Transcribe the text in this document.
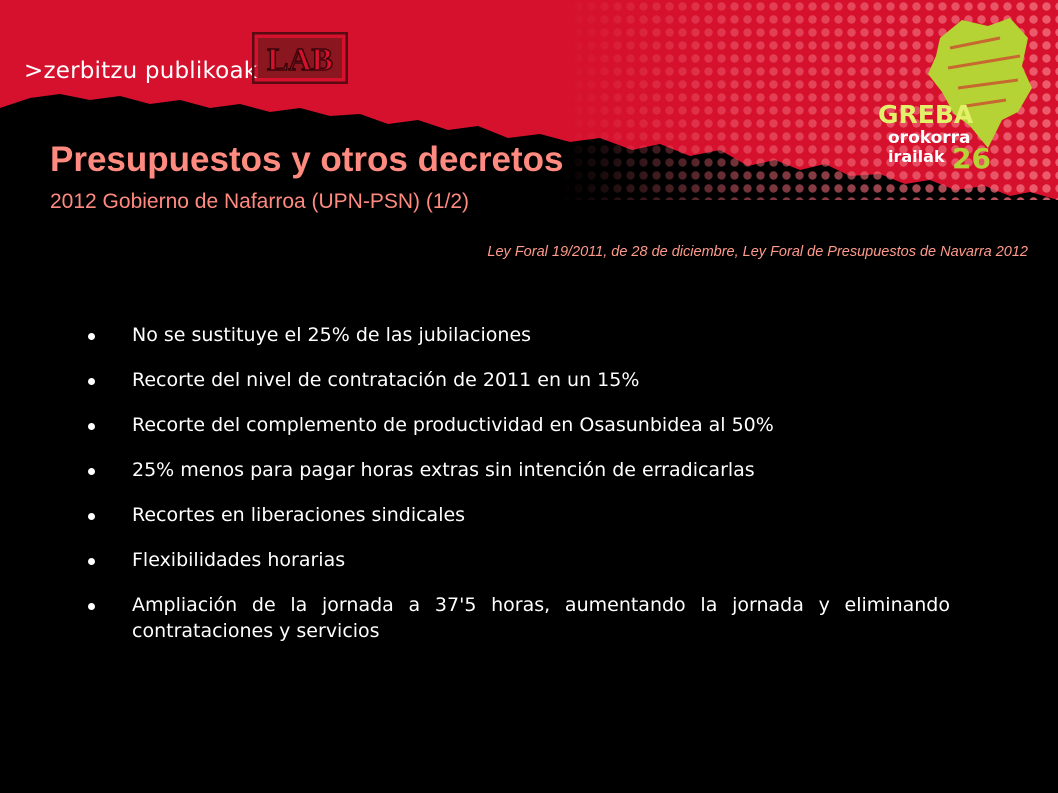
>zerbitzu publikoak LAB
GREBA
orokorra
irailak 26
Presupuestos y otros decretos
2012 Gobierno de Nafarroa (UPN-PSN) (1/2)
Ley Foral 19/2011, de 28 de diciembre, Ley Foral de Presupuestos de Navarra 2012
No se sustituye el 25% de las jubilaciones
Recorte del nivel de contratación de 2011 en un 15%
Recorte del complemento de productividad en Osasunbidea al 50%
25% menos para pagar horas extras sin intención de erradicarlas
Recortes en liberaciones sindicales
Flexibilidades horarias
Ampliación de la jornada a 37'5 horas, aumentando la jornada y eliminando contrataciones y servicios
